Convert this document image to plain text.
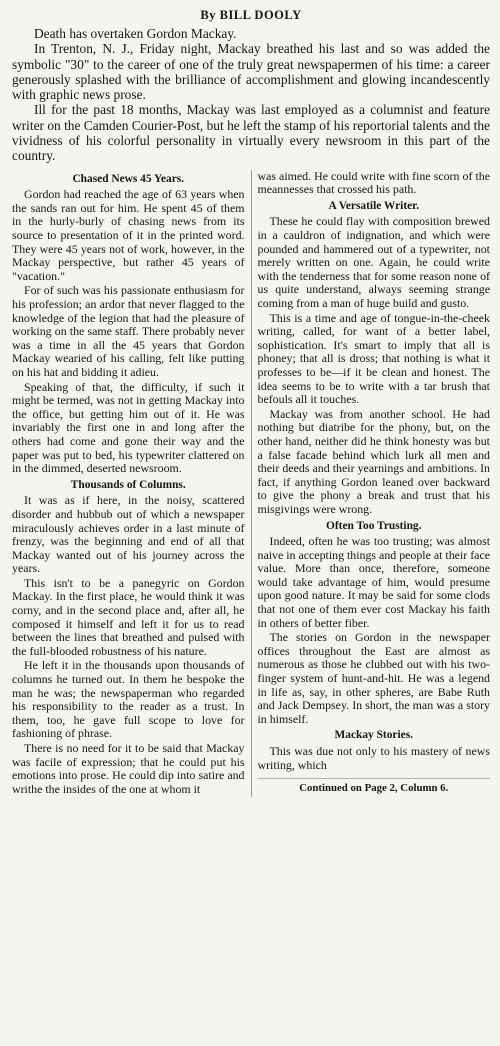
By BILL DOOLY

Death has overtaken Gordon Mackay.

In Trenton, N. J., Friday night, Mackay breathed his last and so was added the symbolic "30" to the career of one of the truly great newspapermen of his time: a career generously splashed with the brilliance of accomplishment and glowing incandescently with graphic news prose.

Ill for the past 18 months, Mackay was last employed as a columnist and feature writer on the Camden Courier-Post, but he left the stamp of his reportorial talents and the vividness of his colorful personality in virtually every newsroom in this part of the country.

Chased News 45 Years.

Gordon had reached the age of 63 years when the sands ran out for him. He spent 45 of them in the hurly-burly of chasing news from its source to presentation of it in the printed word. They were 45 years not of work, however, in the Mackay perspective, but rather 45 years of "vacation."

For of such was his passionate enthusiasm for his profession; an ardor that never flagged to the knowledge of the legion that had the pleasure of working on the same staff. There probably never was a time in all the 45 years that Gordon Mackay wearied of his calling, felt like putting on his hat and bidding it adieu.

Speaking of that, the difficulty, if such it might be termed, was not in getting Mackay into the office, but getting him out of it. He was invariably the first one in and long after the others had come and gone their way and the paper was put to bed, his typewriter clattered on in the dimmed, deserted newsroom.

Thousands of Columns.

It was as if here, in the noisy, scattered disorder and hubbub out of which a newspaper miraculously achieves order in a last minute of frenzy, was the beginning and end of all that Mackay wanted out of his journey across the years.

This isn't to be a panegyric on Gordon Mackay. In the first place, he would think it was corny, and in the second place and, after all, he composed it himself and left it for us to read between the lines that breathed and pulsed with the full-blooded robustness of his nature.

He left it in the thousands upon thousands of columns he turned out. In them he bespoke the man he was; the newspaperman who regarded his responsibility to the reader as a trust. In them, too, he gave full scope to love for fashioning of phrase.

There is no need for it to be said that Mackay was facile of expression; that he could put his emotions into prose. He could dip into satire and writhe the insides of the one at whom it

was aimed. He could write with fine scorn of the meannesses that crossed his path.

A Versatile Writer.

These he could flay with composition brewed in a cauldron of indignation, and which were pounded and hammered out of a typewriter, not merely written on one. Again, he could write with the tenderness that for some reason none of us quite understand, always seeming strange coming from a man of huge build and gusto.

This is a time and age of tongue-in-the-cheek writing, called, for want of a better label, sophistication. It's smart to imply that all is phoney; that all is dross; that nothing is what it professes to be—if it be clean and honest. The idea seems to be to write with a tar brush that befouls all it touches.

Mackay was from another school. He had nothing but diatribe for the phony, but, on the other hand, neither did he think honesty was but a false facade behind which lurk all men and their deeds and their yearnings and ambitions. In fact, if anything Gordon leaned over backward to give the phony a break and trust that his misgivings were wrong.

Often Too Trusting.

Indeed, often he was too trusting; was almost naive in accepting things and people at their face value. More than once, therefore, someone would take advantage of him, would presume upon good nature. It may be said for some clods that not one of them ever cost Mackay his faith in others of better fiber.

The stories on Gordon in the newspaper offices throughout the East are almost as numerous as those he clubbed out with his two-finger system of hunt-and-hit. He was a legend in life as, say, in other spheres, are Babe Ruth and Jack Dempsey. In short, the man was a story in himself.

Mackay Stories.

This was due not only to his mastery of news writing, which

Continued on Page 2, Column 6.
